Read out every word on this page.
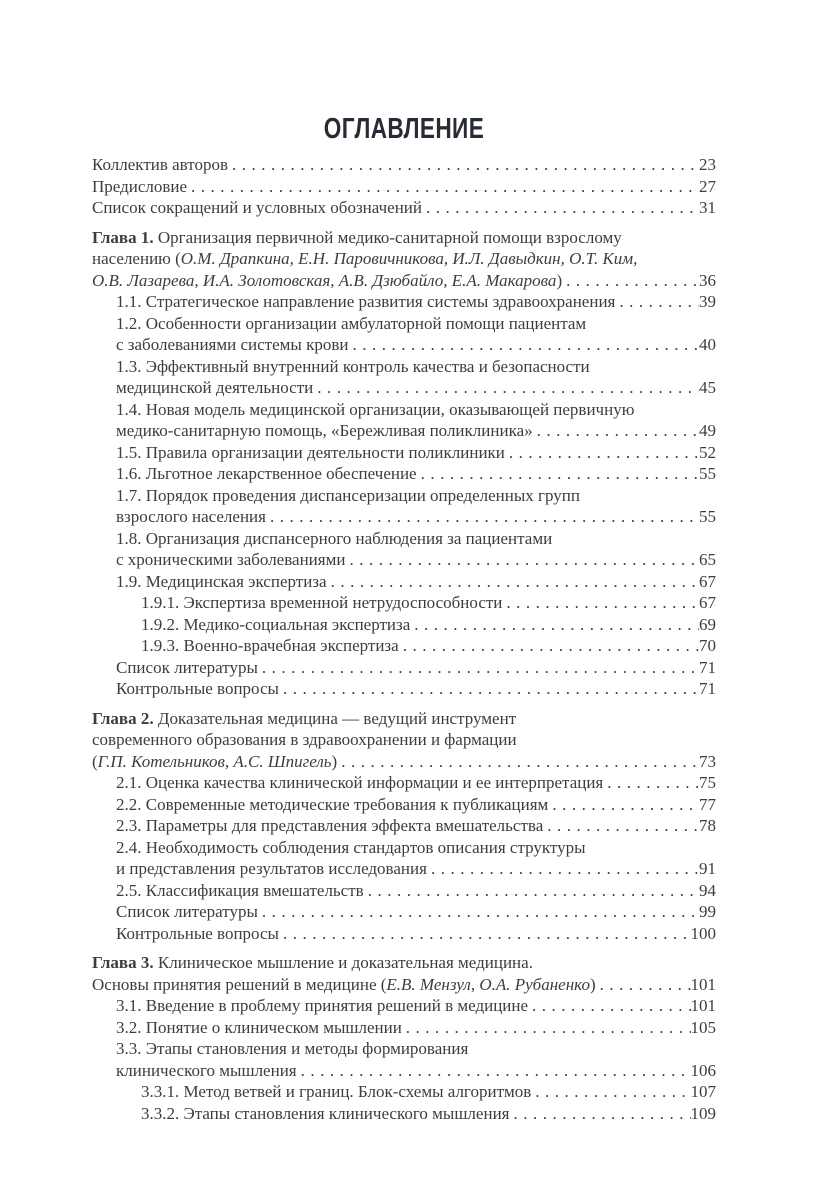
ОГЛАВЛЕНИЕ
Коллектив авторов .....	23
Предисловие .....	27
Список сокращений и условных обозначений .....	31
Глава 1. Организация первичной медико-санитарной помощи взрослому
населению (О.М. Драпкина, Е.Н. Паровичникова, И.Л. Давыдкин, О.Т. Ким,
О.В. Лазарева, И.А. Золотовская, А.В. Дзюбайло, Е.А. Макарова) .....	36
1.1. Стратегическое направление развития системы здравоохранения .....	39
1.2. Особенности организации амбулаторной помощи пациентам
с заболеваниями системы крови .....	40
1.3. Эффективный внутренний контроль качества и безопасности
медицинской деятельности .....	45
1.4. Новая модель медицинской организации, оказывающей первичную
медико-санитарную помощь, «Бережливая поликлиника» .....	49
1.5. Правила организации деятельности поликлиники .....	52
1.6. Льготное лекарственное обеспечение .....	55
1.7. Порядок проведения диспансеризации определенных групп
взрослого населения .....	55
1.8. Организация диспансерного наблюдения за пациентами
с хроническими заболеваниями .....	65
1.9. Медицинская экспертиза .....	67
1.9.1. Экспертиза временной нетрудоспособности .....	67
1.9.2. Медико-социальная экспертиза .....	69
1.9.3. Военно-врачебная экспертиза .....	70
Список литературы .....	71
Контрольные вопросы .....	71
Глава 2. Доказательная медицина — ведущий инструмент
современного образования в здравоохранении и фармации
(Г.П. Котельников, А.С. Шпигель) .....	73
2.1. Оценка качества клинической информации и ее интерпретация .....	75
2.2. Современные методические требования к публикациям .....	77
2.3. Параметры для представления эффекта вмешательства .....	78
2.4. Необходимость соблюдения стандартов описания структуры
и представления результатов исследования .....	91
2.5. Классификация вмешательств .....	94
Список литературы .....	99
Контрольные вопросы .....	100
Глава 3. Клиническое мышление и доказательная медицина.
Основы принятия решений в медицине (Е.В. Мензул, О.А. Рубаненко) .....	101
3.1. Введение в проблему принятия решений в медицине .....	101
3.2. Понятие о клиническом мышлении .....	105
3.3. Этапы становления и методы формирования
клинического мышления .....	106
3.3.1. Метод ветвей и границ. Блок-схемы алгоритмов .....	107
3.3.2. Этапы становления клинического мышления .....	109
